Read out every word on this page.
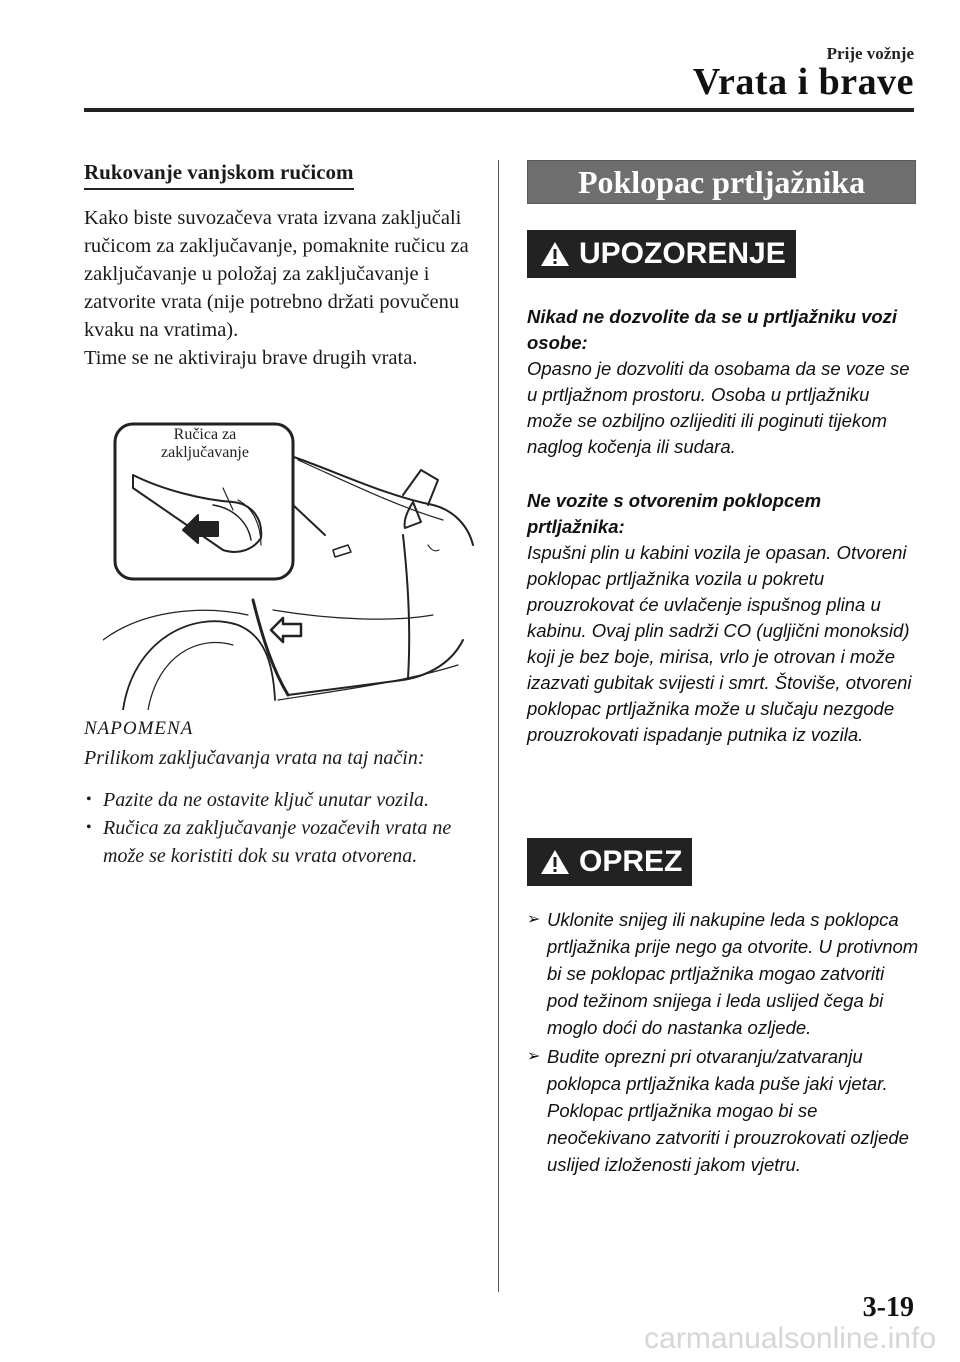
Prije vožnje
Vrata i brave
Rukovanje vanjskom ručicom

Kako biste suvozačeva vrata izvana zaključali ručicom za zaključavanje, pomaknite ručicu za zaključavanje u položaj za zaključavanje i zatvorite vrata (nije potrebno držati povučenu kvaku na vratima).

Time se ne aktiviraju brave drugih vrata.

Ručica za
zaključavanje
NAPOMENA

Prilikom zaključavanja vrata na taj način:

• Pazite da ne ostavite ključ unutar vozila.
• Ručica za zaključavanje vozačevih vrata ne može se koristiti dok su vrata otvorena.
Poklopac prtljažnika
UPOZORENJE

Nikad ne dozvolite da se u prtljažniku vozi osobe:

Opasno je dozvoliti da osobama da se voze se u prtljažnom prostoru. Osoba u prtljažniku može se ozbiljno ozlijediti ili poginuti tijekom naglog kočenja ili sudara.

Ne vozite s otvorenim poklopcem prtljažnika:

Ispušni plin u kabini vozila je opasan. Otvoreni poklopac prtljažnika vozila u pokretu prouzrokovat će uvlačenje ispušnog plina u kabinu. Ovaj plin sadrži CO (ugljični monoksid) koji je bez boje, mirisa, vrlo je otrovan i može izazvati gubitak svijesti i smrt. Štoviše, otvoreni poklopac prtljažnika može u slučaju nezgode prouzrokovati ispadanje putnika iz vozila.

OPREZ
➢ Uklonite snijeg ili nakupine leda s poklopca prtljažnika prije nego ga otvorite. U protivnom bi se poklopac prtljažnika mogao zatvoriti pod težinom snijega i leda uslijed čega bi moglo doći do nastanka ozljede.
➢ Budite oprezni pri otvaranju/zatvaranju poklopca prtljažnika kada puše jaki vjetar. Poklopac prtljažnika mogao bi se neočekivano zatvoriti i prouzrokovati ozljede uslijed izloženosti jakom vjetru.
3-19
carmanualsonline.info
